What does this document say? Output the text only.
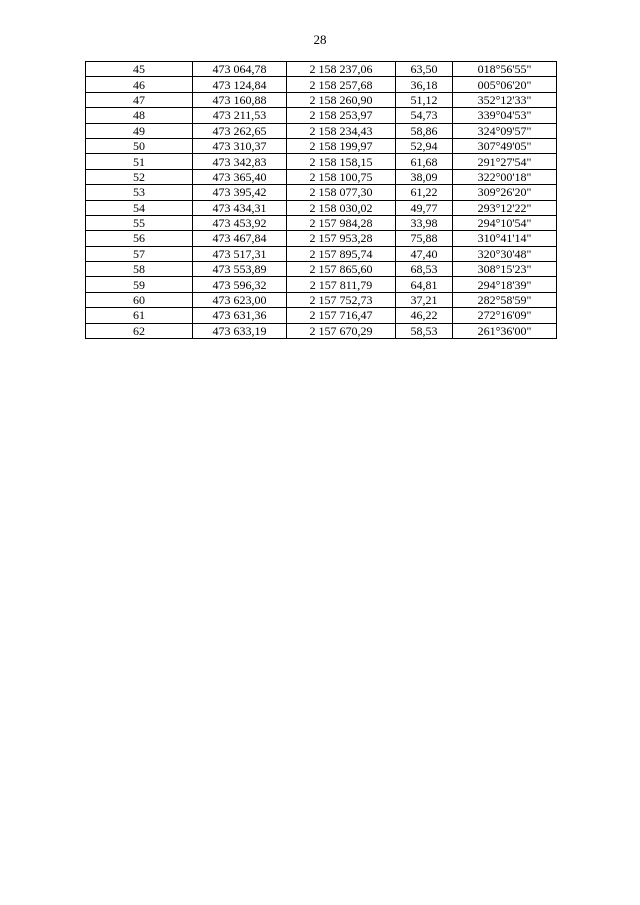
28
45	473 064,78	2 158 237,06	63,50	018°56'55"
46	473 124,84	2 158 257,68	36,18	005°06'20"
47	473 160,88	2 158 260,90	51,12	352°12'33"
48	473 211,53	2 158 253,97	54,73	339°04'53"
49	473 262,65	2 158 234,43	58,86	324°09'57"
50	473 310,37	2 158 199,97	52,94	307°49'05"
51	473 342,83	2 158 158,15	61,68	291°27'54"
52	473 365,40	2 158 100,75	38,09	322°00'18"
53	473 395,42	2 158 077,30	61,22	309°26'20"
54	473 434,31	2 158 030,02	49,77	293°12'22"
55	473 453,92	2 157 984,28	33,98	294°10'54"
56	473 467,84	2 157 953,28	75,88	310°41'14"
57	473 517,31	2 157 895,74	47,40	320°30'48"
58	473 553,89	2 157 865,60	68,53	308°15'23"
59	473 596,32	2 157 811,79	64,81	294°18'39"
60	473 623,00	2 157 752,73	37,21	282°58'59"
61	473 631,36	2 157 716,47	46,22	272°16'09"
62	473 633,19	2 157 670,29	58,53	261°36'00"
